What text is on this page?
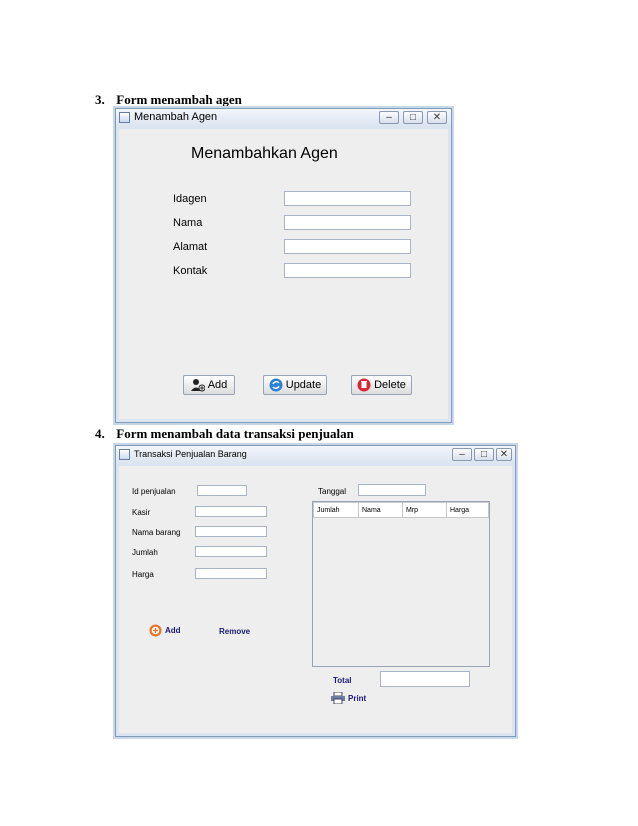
3. Form menambah agen
Menambah Agen	–	□	✕
Menambahkan Agen
Idagen
Nama
Alamat
Kontak
Add	Update	Delete
4. Form menambah data transaksi penjualan
Transaksi Penjualan Barang	–	□	✕
Id penjualan
Kasir
Nama barang
Jumlah
Harga
Tanggal
Jumlah	Nama	Mrp	Harga
Add	Remove
Total
Print
